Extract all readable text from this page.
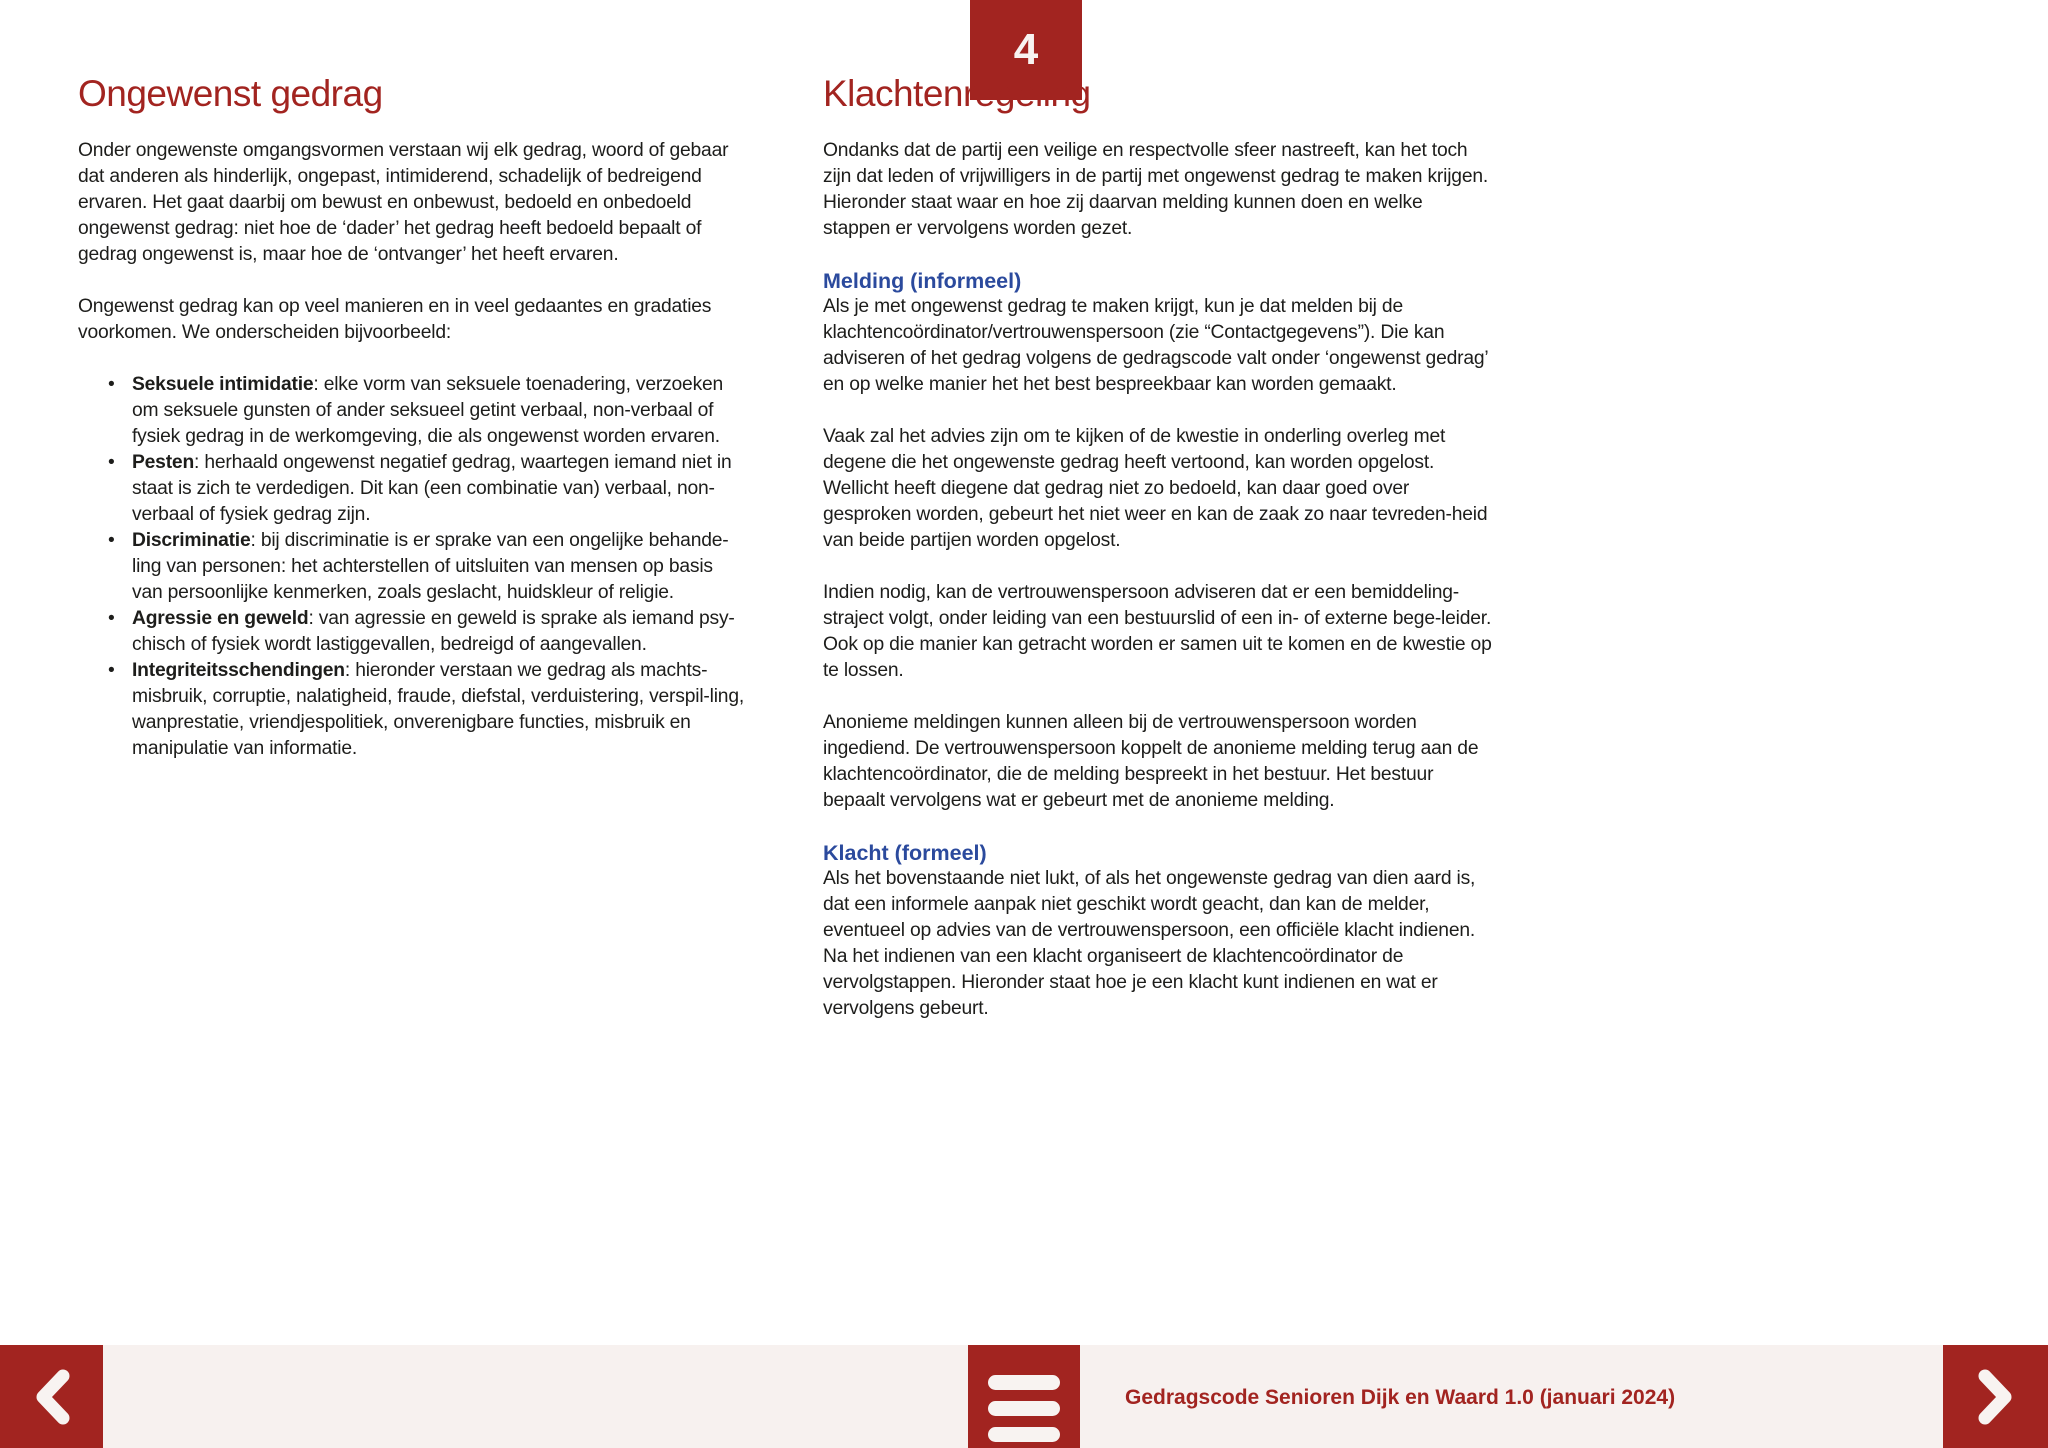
4
Ongewenst gedrag

Onder ongewenste omgangsvormen verstaan wij elk gedrag, woord of gebaar dat anderen als hinderlijk, ongepast, intimiderend, schadelijk of bedreigend ervaren. Het gaat daarbij om bewust en onbewust, bedoeld en onbedoeld ongewenst gedrag: niet hoe de ‘dader’ het gedrag heeft bedoeld bepaalt of gedrag ongewenst is, maar hoe de ‘ontvanger’ het heeft ervaren.

Ongewenst gedrag kan op veel manieren en in veel gedaantes en gradaties voorkomen. We onderscheiden bijvoorbeeld:

• Seksuele intimidatie: elke vorm van seksuele toenadering, verzoeken om seksuele gunsten of ander seksueel getint verbaal, non-verbaal of fysiek gedrag in de werkomgeving, die als ongewenst worden ervaren.
• Pesten: herhaald ongewenst negatief gedrag, waartegen iemand niet in staat is zich te verdedigen. Dit kan (een combinatie van) verbaal, non-verbaal of fysiek gedrag zijn.
• Discriminatie: bij discriminatie is er sprake van een ongelijke behande-ling van personen: het achterstellen of uitsluiten van mensen op basis van persoonlijke kenmerken, zoals geslacht, huidskleur of religie.
• Agressie en geweld: van agressie en geweld is sprake als iemand psy-chisch of fysiek wordt lastiggevallen, bedreigd of aangevallen.
• Integriteitsschendingen: hieronder verstaan we gedrag als machts-misbruik, corruptie, nalatigheid, fraude, diefstal, verduistering, verspil-ling, wanprestatie, vriendjespolitiek, onverenigbare functies, misbruik en manipulatie van informatie.
Klachtenregeling

Ondanks dat de partij een veilige en respectvolle sfeer nastreeft, kan het toch zijn dat leden of vrijwilligers in de partij met ongewenst gedrag te maken krijgen. Hieronder staat waar en hoe zij daarvan melding kunnen doen en welke stappen er vervolgens worden gezet.

Melding (informeel)

Als je met ongewenst gedrag te maken krijgt, kun je dat melden bij de klachtencoördinator/vertrouwenspersoon (zie “Contactgegevens”). Die kan adviseren of het gedrag volgens de gedragscode valt onder ‘ongewenst gedrag’ en op welke manier het het best bespreekbaar kan worden gemaakt.

Vaak zal het advies zijn om te kijken of de kwestie in onderling overleg met degene die het ongewenste gedrag heeft vertoond, kan worden opgelost. Wellicht heeft diegene dat gedrag niet zo bedoeld, kan daar goed over gesproken worden, gebeurt het niet weer en kan de zaak zo naar tevreden-heid van beide partijen worden opgelost.

Indien nodig, kan de vertrouwenspersoon adviseren dat er een bemiddeling-straject volgt, onder leiding van een bestuurslid of een in- of externe bege-leider. Ook op die manier kan getracht worden er samen uit te komen en de kwestie op te lossen.

Anonieme meldingen kunnen alleen bij de vertrouwenspersoon worden ingediend. De vertrouwenspersoon koppelt de anonieme melding terug aan de klachtencoördinator, die de melding bespreekt in het bestuur. Het bestuur bepaalt vervolgens wat er gebeurt met de anonieme melding.

Klacht (formeel)

Als het bovenstaande niet lukt, of als het ongewenste gedrag van dien aard is, dat een informele aanpak niet geschikt wordt geacht, dan kan de melder, eventueel op advies van de vertrouwenspersoon, een officiële klacht indienen. Na het indienen van een klacht organiseert de klachtencoördinator de vervolgstappen. Hieronder staat hoe je een klacht kunt indienen en wat er vervolgens gebeurt.

Gedragscode Senioren Dijk en Waard 1.0 (januari 2024)
